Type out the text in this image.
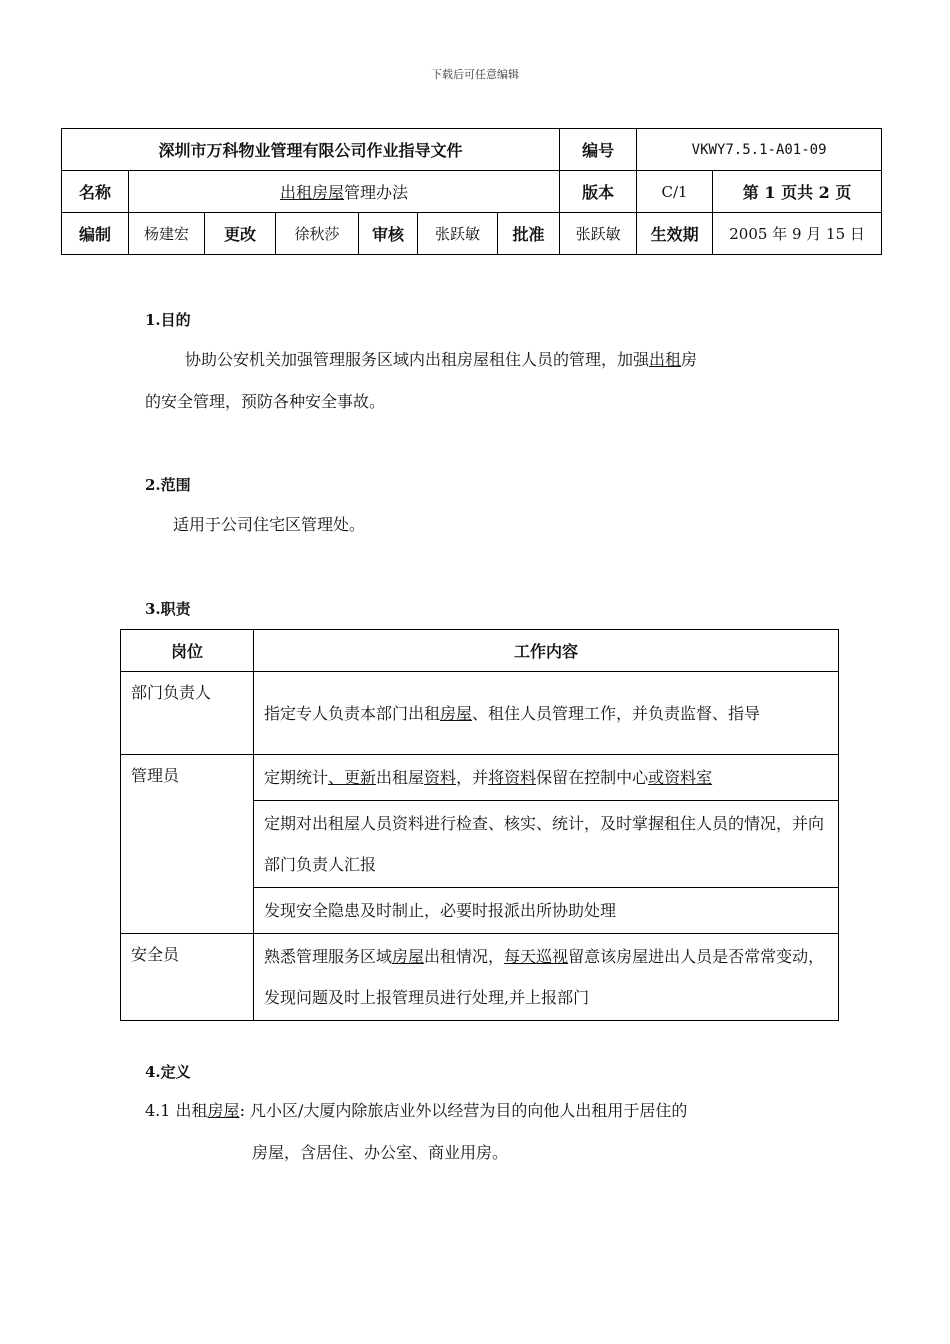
下载后可任意编辑
深圳市万科物业管理有限公司作业指导文件							编号	VKWY7.5.1-A01-09	
名称	出租房屋管理办法						版本	C/1	第 1 页共 2 页
编制	杨建宏	更改	徐秋莎	审核	张跃敏	批准	张跃敏	生效期	2005 年 9 月 15 日
1.目的
协助公安机关加强管理服务区域内出租房屋租住人员的管理，加强出租房
的安全管理，预防各种安全事故。
2.范围
适用于公司住宅区管理处。
3.职责
岗位	工作内容
部门负责人	指定专人负责本部门出租房屋、租住人员管理工作，并负责监督、指导
管理员	定期统计、更新出租屋资料，并将资料保留在控制中心或资料室
	定期对出租屋人员资料进行检查、核实、统计，及时掌握租住人员的情况，并向部门负责人汇报
	发现安全隐患及时制止，必要时报派出所协助处理
安全员	熟悉管理服务区域房屋出租情况，每天巡视留意该房屋进出人员是否常常变动，发现问题及时上报管理员进行处理,并上报部门
4.定义
4.1 出租房屋: 凡小区/大厦内除旅店业外以经营为目的向他人出租用于居住的
房屋，含居住、办公室、商业用房。
